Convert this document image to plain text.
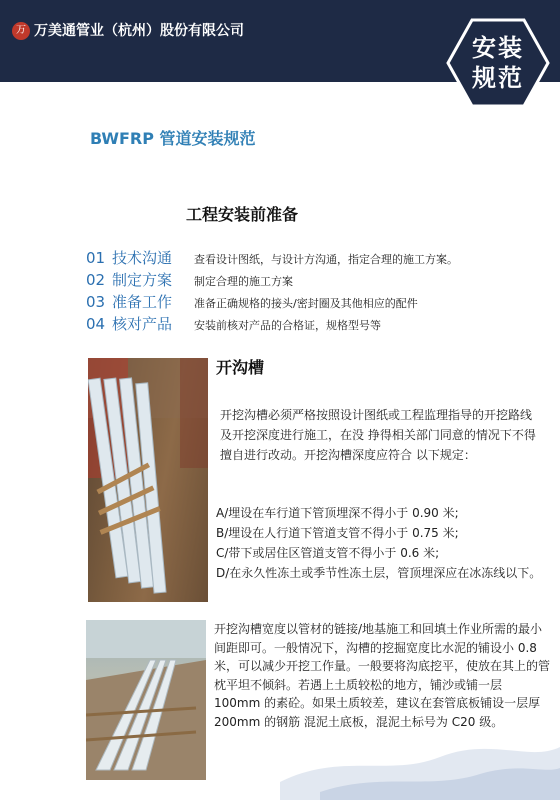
万 万美通管业（杭州）股份有限公司
安装
规范
BWFRP 管道安装规范
工程安装前准备
01 技术沟通	查看设计图纸，与设计方沟通，指定合理的施工方案。
02 制定方案	制定合理的施工方案
03 准备工作	准备正确规格的接头/密封圈及其他相应的配件
04 核对产品	安装前核对产品的合格证，规格型号等
开沟槽

开挖沟槽必须严格按照设计图纸或工程监理指导的开挖路线及开挖深度进行施工，在没 挣得相关部门同意的情况下不得擅自进行改动。开挖沟槽深度应符合 以下规定：

A/埋设在车行道下管顶埋深不得小于 0.90 米;
B/埋设在人行道下管道支管不得小于 0.75 米;
C/带下或居住区管道支管不得小于 0.6 米;
D/在永久性冻土或季节性冻土层，管顶埋深应在冰冻线以下。

开挖沟槽宽度以管材的链接/地基施工和回填土作业所需的最小间距即可。一般情况下，沟槽的挖掘宽度比水泥的铺设小 0.8 米，可以减少开挖工作量。一般要将沟底挖平，使放在其上的管枕平坦不倾斜。若遇上土质较松的地方，铺沙或铺一层 100mm 的素砼。如果土质较差，建议在套管底板铺设一层厚 200mm 的钢筋 混泥土底板，混泥土标号为 C20 级。
